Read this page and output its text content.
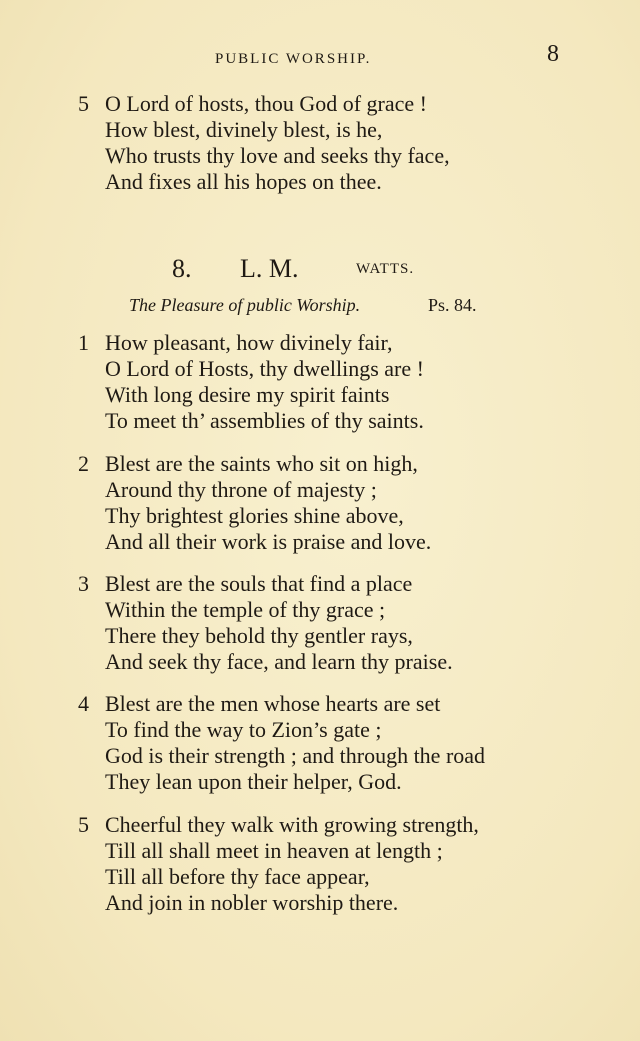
PUBLIC WORSHIP.	8
5 O Lord of hosts, thou God of grace !
How blest, divinely blest, is he,
Who trusts thy love and seeks thy face,
And fixes all his hopes on thee.
8. L. M.	WATTS.
The Pleasure of public Worship.	Ps. 84.
1 How pleasant, how divinely fair,
O Lord of Hosts, thy dwellings are !
With long desire my spirit faints
To meet th’ assemblies of thy saints.
2 Blest are the saints who sit on high,
Around thy throne of majesty ;
Thy brightest glories shine above,
And all their work is praise and love.
3 Blest are the souls that find a place
Within the temple of thy grace ;
There they behold thy gentler rays,
And seek thy face, and learn thy praise.
4 Blest are the men whose hearts are set
To find the way to Zion’s gate ;
God is their strength ; and through the road
They lean upon their helper, God.
5 Cheerful they walk with growing strength,
Till all shall meet in heaven at length ;
Till all before thy face appear,
And join in nobler worship there.
